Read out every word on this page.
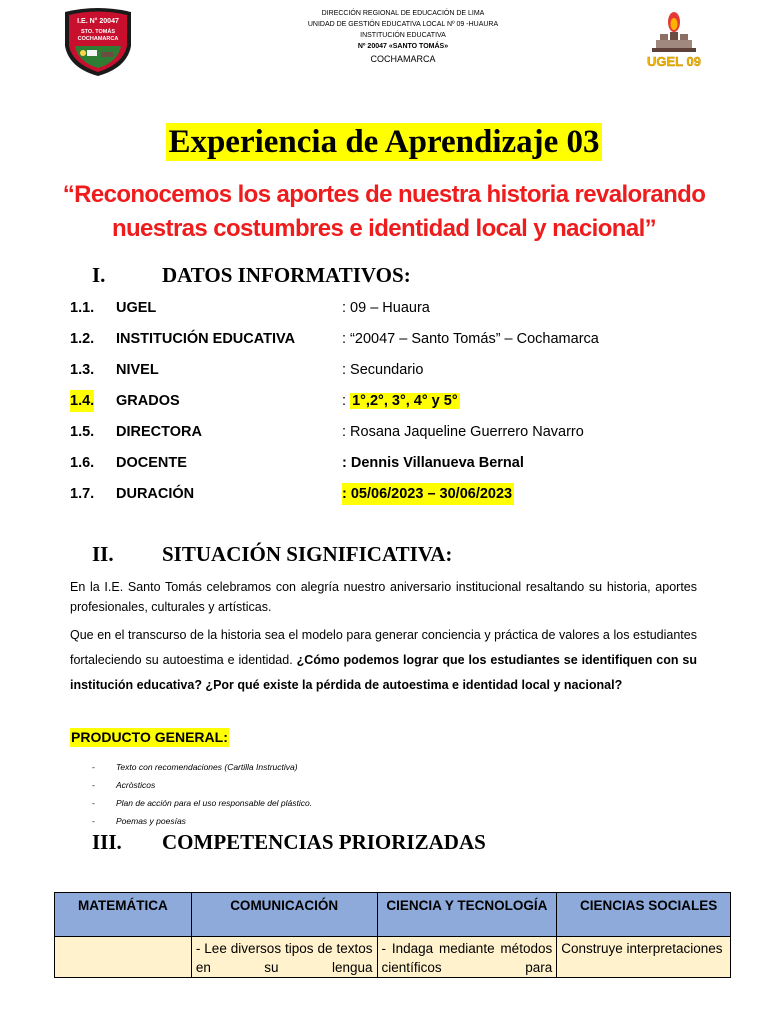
I.E. N° 20047
STO. TOMÁS
COCHAMARCA
DIRECCIÓN REGIONAL DE EDUCACIÓN DE LIMA
UNIDAD DE GESTIÓN EDUCATIVA LOCAL Nº 09 -HUAURA
INSTITUCIÓN EDUCATIVA
Nº 20047 «SANTO TOMÁS»
COCHAMARCA	UGEL 09
Experiencia de Aprendizaje 03
“Reconocemos los aportes de nuestra historia revalorando nuestras costumbres e identidad local y nacional”
I.	DATOS INFORMATIVOS:
1.1. UGEL	: 09 – Huaura
1.2. INSTITUCIÓN EDUCATIVA	: “20047 – Santo Tomás” – Cochamarca
1.3. NIVEL	: Secundario
1.4. GRADOS	: 1°,2°, 3°, 4° y 5°
1.5. DIRECTORA	: Rosana Jaqueline Guerrero Navarro
1.6. DOCENTE	: Dennis Villanueva Bernal
1.7. DURACIÓN	: 05/06/2023 – 30/06/2023
II. SITUACIÓN SIGNIFICATIVA:

En la I.E. Santo Tomás celebramos con alegría nuestro aniversario institucional resaltando su historia, aportes profesionales, culturales y artísticas.

Que en el transcurso de la historia sea el modelo para generar conciencia y práctica de valores a los estudiantes fortaleciendo su autoestima e identidad. ¿Cómo podemos lograr que los estudiantes se identifiquen con su institución educativa? ¿Por qué existe la pérdida de autoestima e identidad local y nacional?

PRODUCTO GENERAL:
- Texto con recomendaciones (Cartilla Instructiva)
- Acròsticos
- Plan de acción para el uso responsable del plástico.
- Poemas y poesías
III. COMPETENCIAS PRIORIZADAS
MATEMÁTICA	COMUNICACIÓN	CIENCIA Y TECNOLOGÍA	CIENCIAS SOCIALES
	- Lee diversos tipos de textos en su lengua	- Indaga mediante métodos científicos para	Construye interpretaciones
